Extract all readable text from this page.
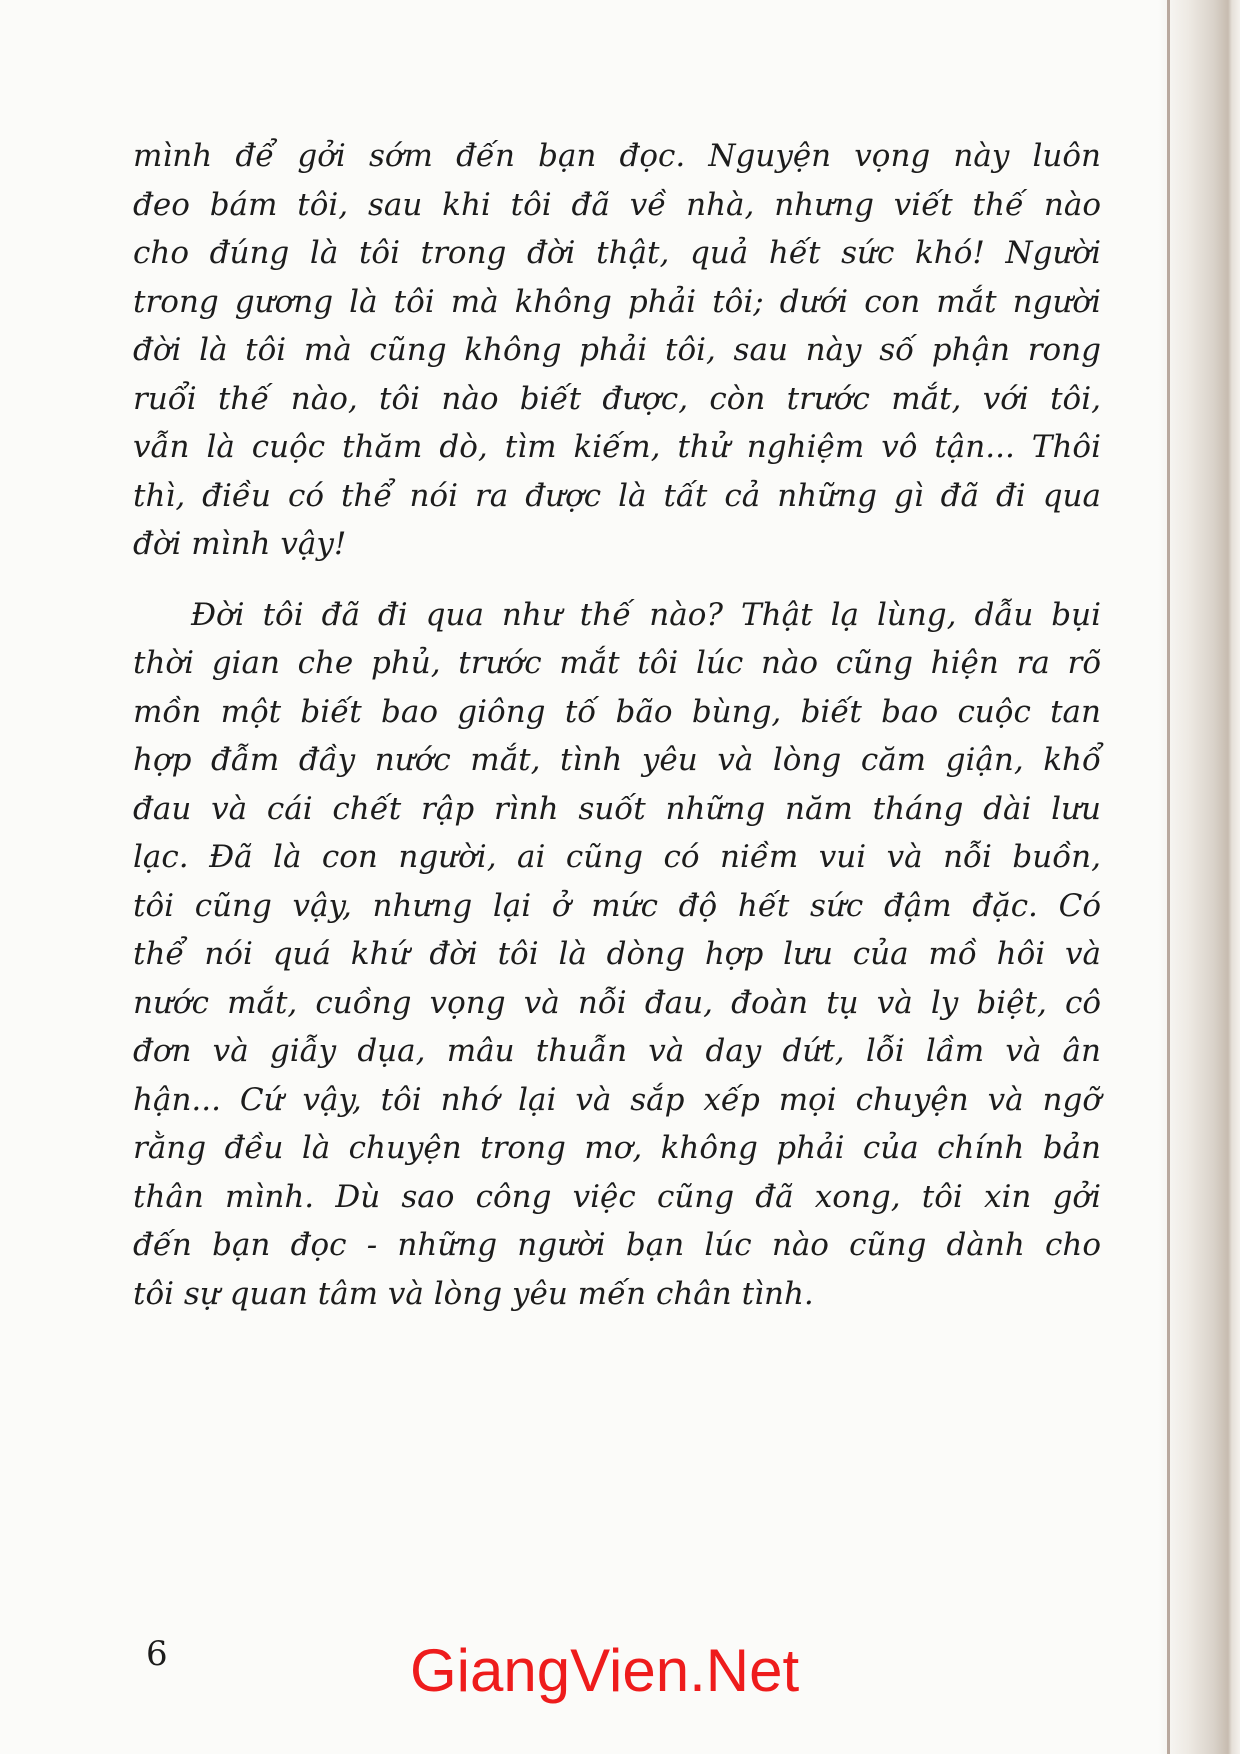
mình để gởi sớm đến bạn đọc. Nguyện vọng này luôn
đeo bám tôi, sau khi tôi đã về nhà, nhưng viết thế nào
cho đúng là tôi trong đời thật, quả hết sức khó! Người
trong gương là tôi mà không phải tôi; dưới con mắt người
đời là tôi mà cũng không phải tôi, sau này số phận rong
ruổi thế nào, tôi nào biết được, còn trước mắt, với tôi,
vẫn là cuộc thăm dò, tìm kiếm, thử nghiệm vô tận... Thôi
thì, điều có thể nói ra được là tất cả những gì đã đi qua
đời mình vậy!

Đời tôi đã đi qua như thế nào? Thật lạ lùng, dẫu bụi
thời gian che phủ, trước mắt tôi lúc nào cũng hiện ra rõ
mồn một biết bao giông tố bão bùng, biết bao cuộc tan
hợp đẫm đầy nước mắt, tình yêu và lòng căm giận, khổ
đau và cái chết rập rình suốt những năm tháng dài lưu
lạc. Đã là con người, ai cũng có niềm vui và nỗi buồn,
tôi cũng vậy, nhưng lại ở mức độ hết sức đậm đặc. Có
thể nói quá khứ đời tôi là dòng hợp lưu của mồ hôi và
nước mắt, cuồng vọng và nỗi đau, đoàn tụ và ly biệt, cô
đơn và giẫy dụa, mâu thuẫn và day dứt, lỗi lầm và ân
hận... Cứ vậy, tôi nhớ lại và sắp xếp mọi chuyện và ngỡ
rằng đều là chuyện trong mơ, không phải của chính bản
thân mình. Dù sao công việc cũng đã xong, tôi xin gởi
đến bạn đọc - những người bạn lúc nào cũng dành cho
tôi sự quan tâm và lòng yêu mến chân tình.

6	GiangVien.Net
